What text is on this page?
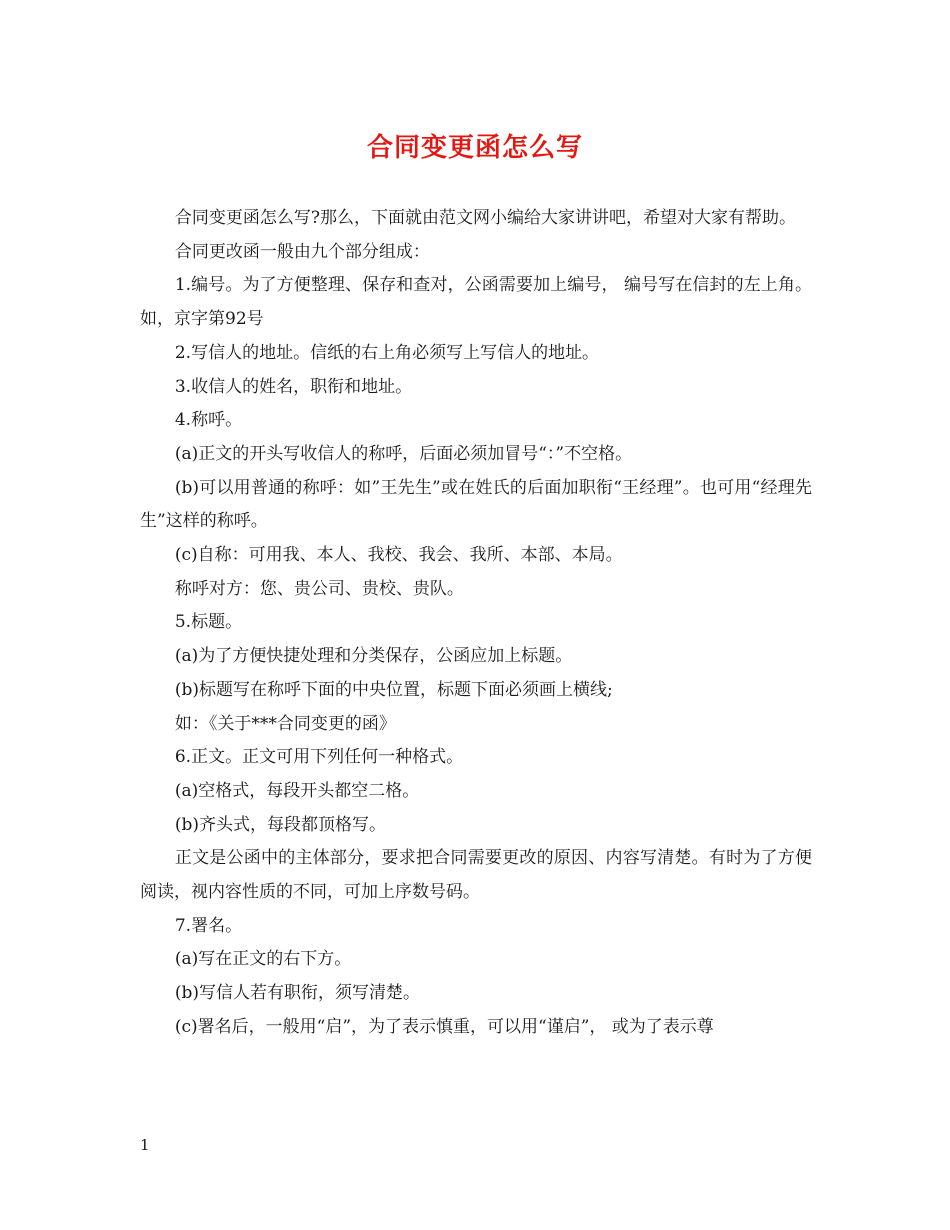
合同变更函怎么写

合同变更函怎么写?那么，下面就由范文网小编给大家讲讲吧，希望对大家有帮助。

合同更改函一般由九个部分组成：

1.编号。为了方便整理、保存和查对，公函需要加上编号， 编号写在信封的左上角。如，京字第92号

2.写信人的地址。信纸的右上角必须写上写信人的地址。

3.收信人的姓名，职衔和地址。

4.称呼。

(a)正文的开头写收信人的称呼，后面必须加冒号“：”不空格。

(b)可以用普通的称呼：如”王先生”或在姓氏的后面加职衔“王经理”。也可用“经理先生”这样的称呼。

(c)自称：可用我、本人、我校、我会、我所、本部、本局。

称呼对方：您、贵公司、贵校、贵队。

5.标题。

(a)为了方便快捷处理和分类保存，公函应加上标题。

(b)标题写在称呼下面的中央位置，标题下面必须画上横线;

如：《关于***合同变更的函》

6.正文。正文可用下列任何一种格式。

(a)空格式，每段开头都空二格。

(b)齐头式，每段都顶格写。

正文是公函中的主体部分，要求把合同需要更改的原因、内容写清楚。有时为了方便阅读，视内容性质的不同，可加上序数号码。

7.署名。

(a)写在正文的右下方。

(b)写信人若有职衔，须写清楚。

(c)署名后，一般用“启”，为了表示慎重，可以用“谨启”， 或为了表示尊

1
